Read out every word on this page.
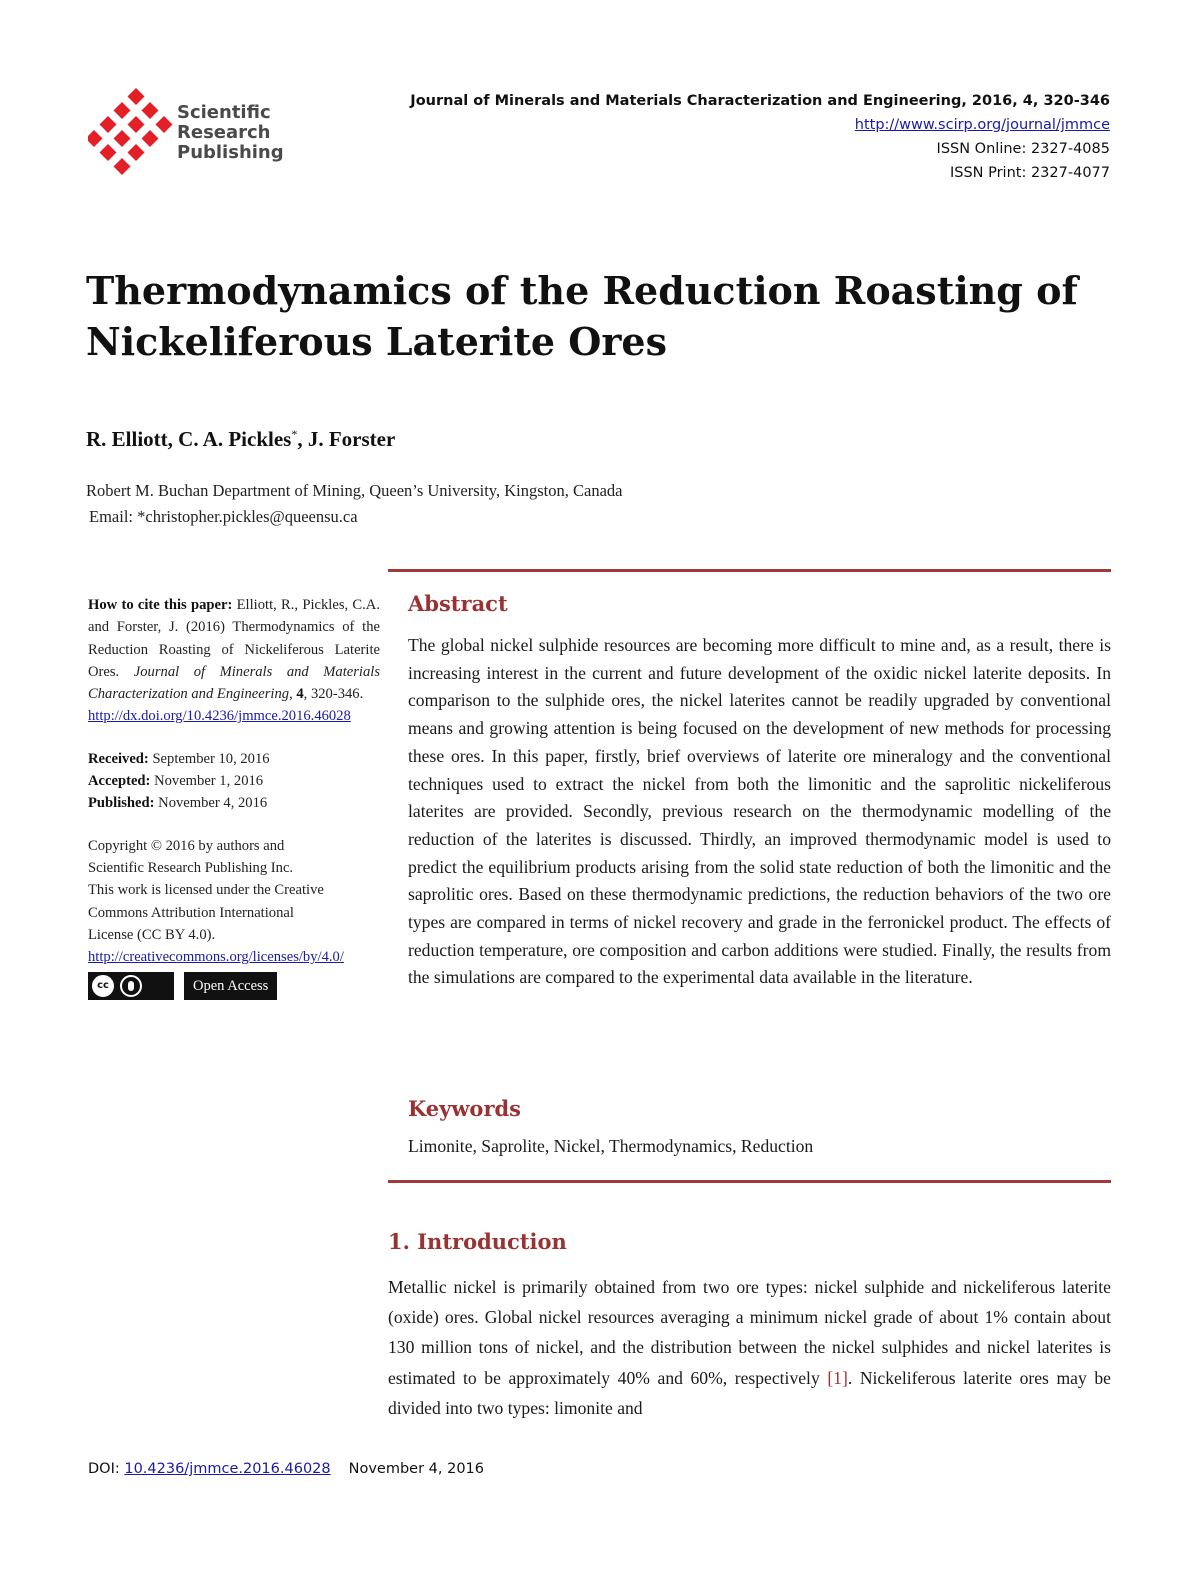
Scientific
Research
Publishing
Journal of Minerals and Materials Characterization and Engineering, 2016, 4, 320-346
http://www.scirp.org/journal/jmmce
ISSN Online: 2327-4085
ISSN Print: 2327-4077
Thermodynamics of the Reduction Roasting of
Nickeliferous Laterite Ores
R. Elliott, C. A. Pickles*, J. Forster
Robert M. Buchan Department of Mining, Queen’s University, Kingston, Canada
Email: *christopher.pickles@queensu.ca

How to cite this paper: Elliott, R., Pickles, C.A. and Forster, J. (2016) Thermodynamics of the Reduction Roasting of Nickeliferous Laterite Ores. Journal of Minerals and Materials Characterization and Engineering, 4, 320-346.

http://dx.doi.org/10.4236/jmmce.2016.46028

Received: September 10, 2016

Accepted: November 1, 2016

Published: November 4, 2016

Copyright © 2016 by authors and

Scientific Research Publishing Inc.

This work is licensed under the Creative

Commons Attribution International

License (CC BY 4.0).

http://creativecommons.org/licenses/by/4.0/

cc	Open Access
Abstract
The global nickel sulphide resources are becoming more difficult to mine and, as a result, there is increasing interest in the current and future development of the oxidic nickel laterite deposits. In comparison to the sulphide ores, the nickel laterites cannot be readily upgraded by conventional means and growing attention is being focused on the development of new methods for processing these ores. In this paper, firstly, brief overviews of laterite ore mineralogy and the conventional techniques used to extract the nickel from both the limonitic and the saprolitic nickeliferous laterites are provided. Secondly, previous research on the thermodynamic modelling of the reduction of the laterites is discussed. Thirdly, an improved thermodynamic model is used to predict the equilibrium products arising from the solid state reduction of both the limonitic and the saprolitic ores. Based on these thermodynamic predictions, the reduction behaviors of the two ore types are compared in terms of nickel recovery and grade in the ferronickel product. The effects of reduction temperature, ore composition and carbon additions were studied. Finally, the results from the simulations are compared to the experimental data available in the literature.
Keywords
Limonite, Saprolite, Nickel, Thermodynamics, Reduction
1. Introduction
Metallic nickel is primarily obtained from two ore types: nickel sulphide and nickeliferous laterite (oxide) ores. Global nickel resources averaging a minimum nickel grade of about 1% contain about 130 million tons of nickel, and the distribution between the nickel sulphides and nickel laterites is estimated to be approximately 40% and 60%, respectively [1]. Nickeliferous laterite ores may be divided into two types: limonite and
DOI: 10.4236/jmmce.2016.46028 November 4, 2016
